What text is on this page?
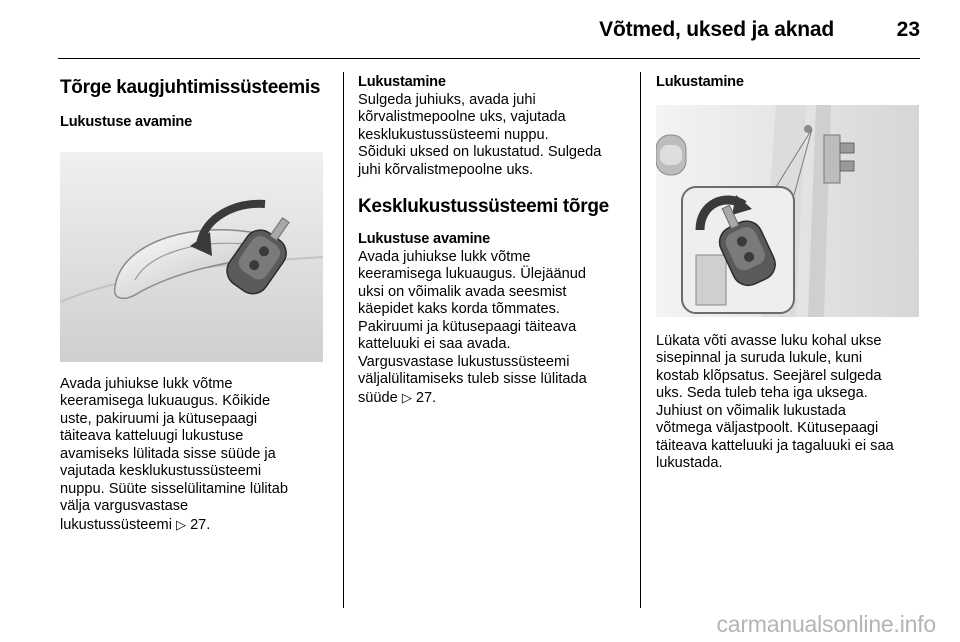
Võtmed, uksed ja aknad	23
Tõrge kaugjuhtimissüsteemis
Lukustuse avamine

Avada juhiukse lukk võtme

keeramisega lukuaugus. Kõikide

uste, pakiruumi ja kütusepaagi

täiteava katteluugi lukustuse

avamiseks lülitada sisse süüde ja

vajutada kesklukustussüsteemi

nuppu. Süüte sisselülitamine lülitab

välja vargusvastase

lukustussüsteemi ▷ 27.

Lukustamine

Sulgeda juhiuks, avada juhi

kõrvalistmepoolne uks, vajutada

kesklukustussüsteemi nuppu.

Sõiduki uksed on lukustatud. Sulgeda

juhi kõrvalistmepoolne uks.

Kesklukustussüsteemi tõrge
Lukustuse avamine

Avada juhiukse lukk võtme

keeramisega lukuaugus. Ülejäänud

uksi on võimalik avada seesmist

käepidet kaks korda tõmmates.

Pakiruumi ja kütusepaagi täiteava

katteluuki ei saa avada.

Vargusvastase lukustussüsteemi

väljalülitamiseks tuleb sisse lülitada

süüde ▷ 27.

Lukustamine

Lükata võti avasse luku kohal ukse

sisepinnal ja suruda lukule, kuni

kostab klõpsatus. Seejärel sulgeda

uks. Seda tuleb teha iga uksega.

Juhiust on võimalik lukustada

võtmega väljastpoolt. Kütusepaagi

täiteava katteluuki ja tagaluuki ei saa

lukustada.

carmanualsonline.info
